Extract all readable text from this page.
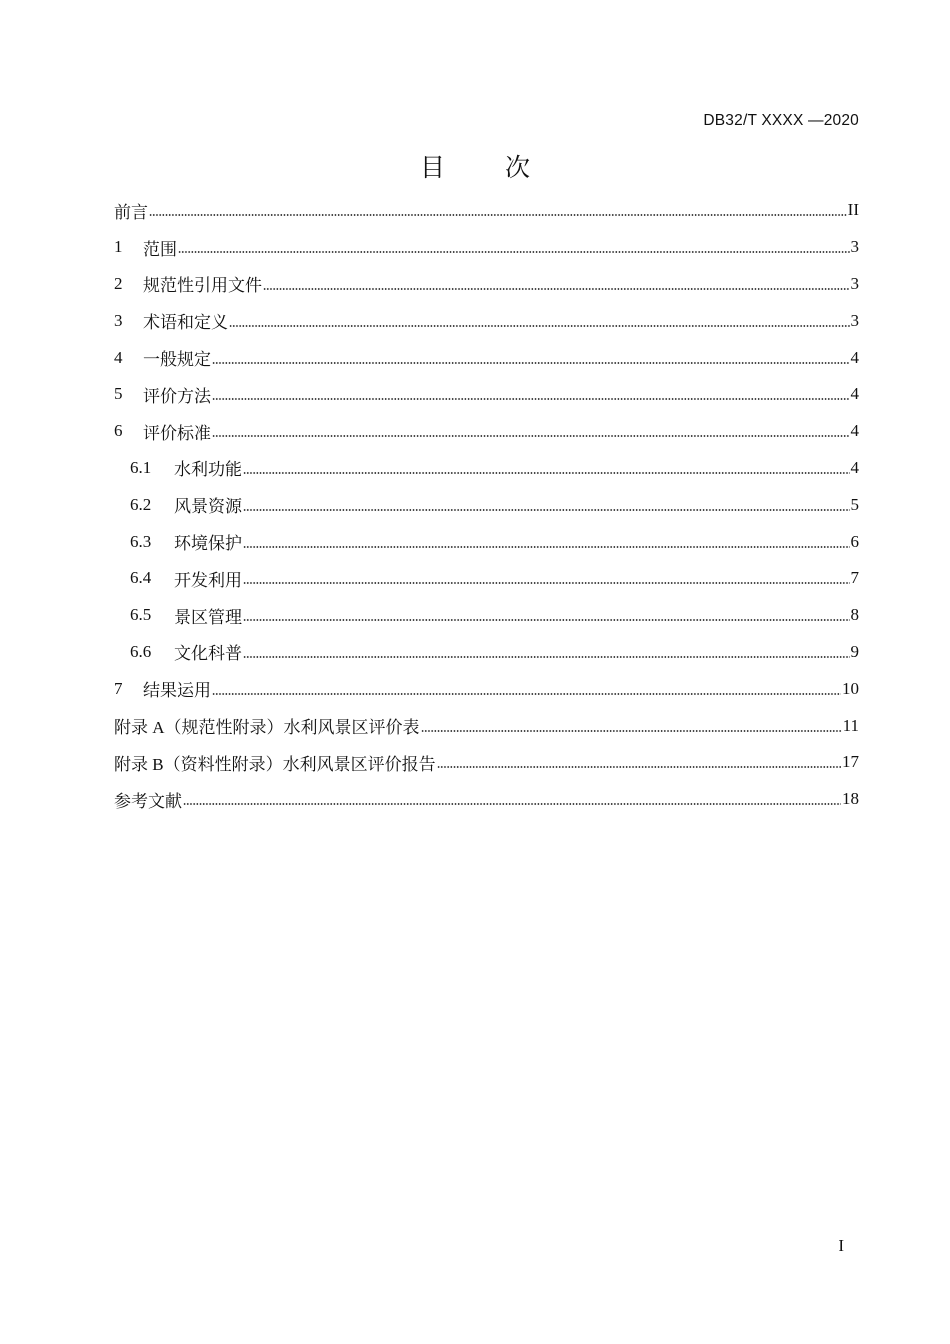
DB32/T XXXX —2020
目 次
前言	II
1	范围	3
2	规范性引用文件	3
3	术语和定义	3
4	一般规定	4
5	评价方法	4
6	评价标准	4
6.1	水利功能	4
6.2	风景资源	5
6.3	环境保护	6
6.4	开发利用	7
6.5	景区管理	8
6.6	文化科普	9
7	结果运用	10
附录 A（规范性附录）水利风景区评价表	11
附录 B（资料性附录）水利风景区评价报告	17
参考文献	18
I
